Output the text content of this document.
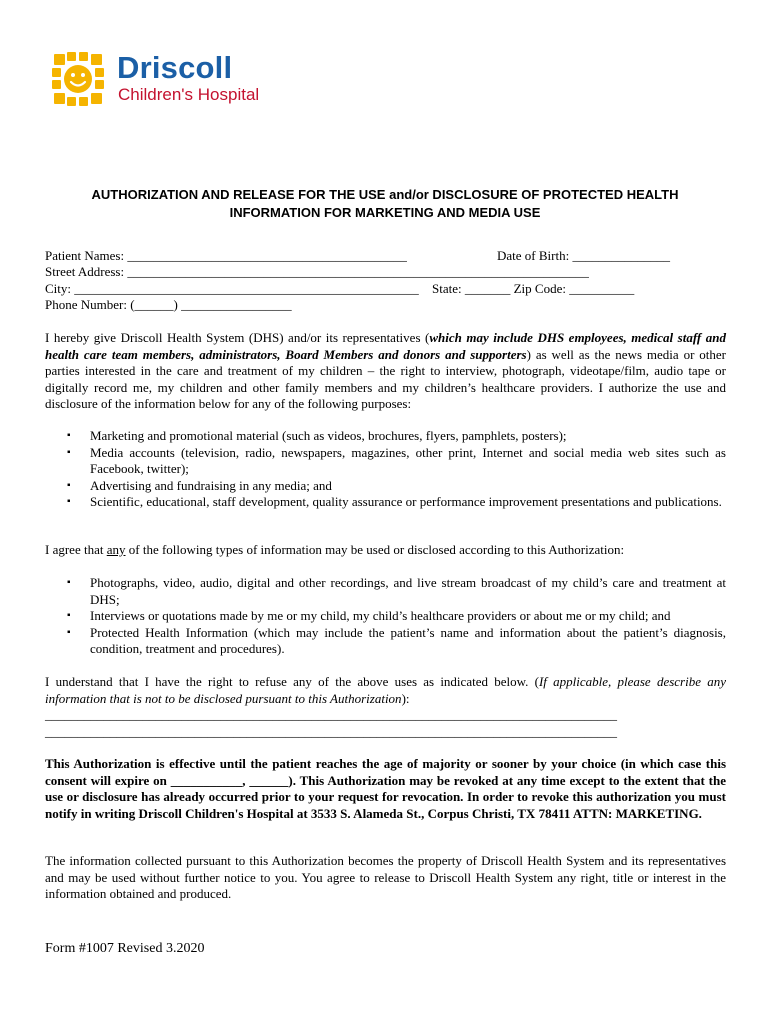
Driscoll
Children's Hospital
AUTHORIZATION AND RELEASE FOR THE USE and/or DISCLOSURE OF PROTECTED HEALTH
INFORMATION FOR MARKETING AND MEDIA USE
Patient Names: ___________________________________________	Date of Birth: _______________
Street Address: _______________________________________________________________________
City: _____________________________________________________ State: _______ Zip Code: __________
Phone Number: (______) _________________
I hereby give Driscoll Health System (DHS) and/or its representatives (which may include DHS employees, medical staff and health care team members, administrators, Board Members and donors and supporters) as well as the news media or other parties interested in the care and treatment of my children – the right to interview, photograph, videotape/film, audio tape or digitally record me, my children and other family members and my children’s healthcare providers. I authorize the use and disclosure of the information below for any of the following purposes:
▪ Marketing and promotional material (such as videos, brochures, flyers, pamphlets, posters);
▪ Media accounts (television, radio, newspapers, magazines, other print, Internet and social media web sites such as Facebook, twitter);
▪ Advertising and fundraising in any media; and
▪ Scientific, educational, staff development, quality assurance or performance improvement presentations and publications.
I agree that any of the following types of information may be used or disclosed according to this Authorization:
▪ Photographs, video, audio, digital and other recordings, and live stream broadcast of my child’s care and treatment at DHS;
▪ Interviews or quotations made by me or my child, my child’s healthcare providers or about me or my child; and
▪ Protected Health Information (which may include the patient’s name and information about the patient’s diagnosis, condition, treatment and procedures).
I understand that I have the right to refuse any of the above uses as indicated below. (If applicable, please describe any information that is not to be disclosed pursuant to this Authorization):
________________________________________________________________________________________
________________________________________________________________________________________
This Authorization is effective until the patient reaches the age of majority or sooner by your choice (in which case this consent will expire on ___________, ______). This Authorization may be revoked at any time except to the extent that the use or disclosure has already occurred prior to your request for revocation. In order to revoke this authorization you must notify in writing Driscoll Children's Hospital at 3533 S. Alameda St., Corpus Christi, TX 78411 ATTN: MARKETING.
The information collected pursuant to this Authorization becomes the property of Driscoll Health System and its representatives and may be used without further notice to you. You agree to release to Driscoll Health System any right, title or interest in the information obtained and produced.
Form #1007 Revised 3.2020
